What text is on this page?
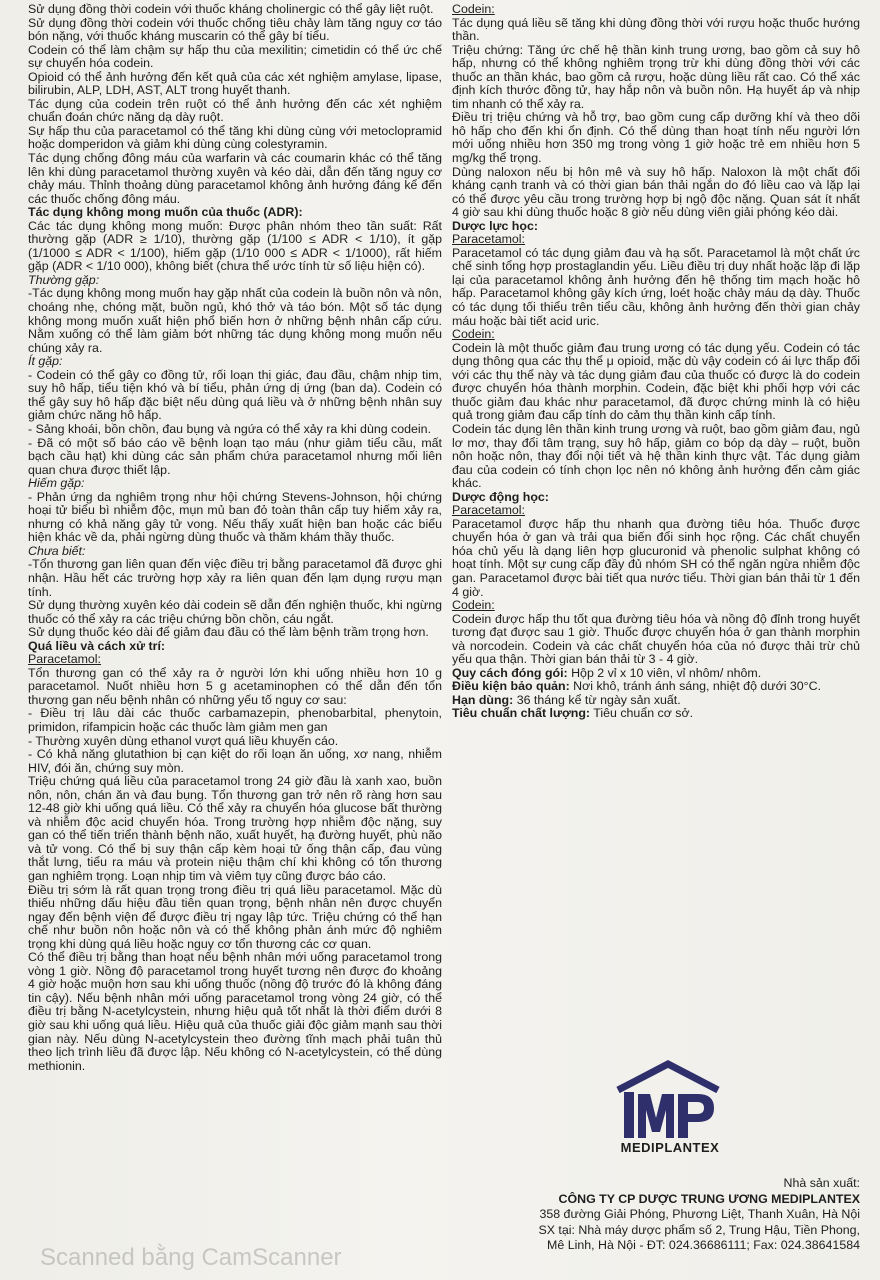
Sử dụng đồng thời codein với thuốc kháng cholinergic có thể gây liệt ruột.

Sử dụng đồng thời codein với thuốc chống tiêu chảy làm tăng nguy cơ táo bón nặng, với thuốc kháng muscarin có thể gây bí tiểu.

Codein có thể làm chậm sự hấp thu của mexilitin; cimetidin có thể ức chế sự chuyển hóa codein.

Opioid có thể ảnh hưởng đến kết quả của các xét nghiệm amylase, lipase, bilirubin, ALP, LDH, AST, ALT trong huyết thanh.

Tác dụng của codein trên ruột có thể ảnh hưởng đến các xét nghiệm chuẩn đoán chức năng dạ dày ruột.

Sự hấp thu của paracetamol có thể tăng khi dùng cùng với metoclopramid hoặc domperidon và giảm khi dùng cùng colestyramin.

Tác dụng chống đông máu của warfarin và các coumarin khác có thể tăng lên khi dùng paracetamol thường xuyên và kéo dài, dẫn đến tăng nguy cơ chảy máu. Thỉnh thoảng dùng paracetamol không ảnh hưởng đáng kể đến các thuốc chống đông máu.

Tác dụng không mong muốn của thuốc (ADR):

Các tác dụng không mong muốn: Được phân nhóm theo tần suất: Rất thường gặp (ADR ≥ 1/10), thường gặp (1/100 ≤ ADR < 1/10), ít gặp (1/1000 ≤ ADR < 1/100), hiếm gặp (1/10 000 ≤ ADR < 1/1000), rất hiếm gặp (ADR < 1/10 000), không biết (chưa thể ước tính từ số liệu hiện có).

Thường gặp:

-Tác dụng không mong muốn hay gặp nhất của codein là buồn nôn và nôn, choáng nhẹ, chóng mặt, buồn ngủ, khó thở và táo bón. Một số tác dụng không mong muốn xuất hiện phổ biến hơn ở những bệnh nhân cấp cứu. Nằm xuống có thể làm giảm bớt những tác dụng không mong muốn nếu chúng xảy ra.

Ít gặp:

- Codein có thể gây co đồng tử, rối loạn thị giác, đau đầu, chậm nhịp tim, suy hô hấp, tiểu tiện khó và bí tiểu, phản ứng dị ứng (ban da). Codein có thể gây suy hô hấp đặc biệt nếu dùng quá liều và ở những bệnh nhân suy giảm chức năng hô hấp.

- Sảng khoái, bồn chồn, đau bụng và ngứa có thể xảy ra khi dùng codein.

- Đã có một số báo cáo về bệnh loạn tạo máu (như giảm tiểu cầu, mất bạch cầu hạt) khi dùng các sản phẩm chứa paracetamol nhưng mối liên quan chưa được thiết lập.

Hiếm gặp:

- Phản ứng da nghiêm trọng như hội chứng Stevens-Johnson, hội chứng hoại tử biểu bì nhiễm độc, mụn mủ ban đỏ toàn thân cấp tuy hiếm xảy ra, nhưng có khả năng gây tử vong. Nếu thấy xuất hiện ban hoặc các biểu hiện khác về da, phải ngừng dùng thuốc và thăm khám thầy thuốc.

Chưa biết:

-Tổn thương gan liên quan đến việc điều trị bằng paracetamol đã được ghi nhận. Hầu hết các trường hợp xảy ra liên quan đến lạm dụng rượu mạn tính.

Sử dụng thường xuyên kéo dài codein sẽ dẫn đến nghiện thuốc, khi ngừng thuốc có thể xảy ra các triệu chứng bồn chồn, cáu ngắt.

Sử dụng thuốc kéo dài để giảm đau đầu có thể làm bệnh trầm trọng hơn.

Quá liều và cách xử trí:

Paracetamol:

Tổn thương gan có thể xảy ra ở người lớn khi uống nhiều hơn 10 g paracetamol. Nuốt nhiều hơn 5 g acetaminophen có thể dẫn đến tổn thương gan nếu bệnh nhân có những yếu tố nguy cơ sau:

- Điều trị lâu dài các thuốc carbamazepin, phenobarbital, phenytoin, primidon, rifampicin hoặc các thuốc làm giảm men gan

- Thường xuyên dùng ethanol vượt quá liều khuyến cáo.

- Có khả năng glutathion bị cạn kiệt do rối loạn ăn uống, xơ nang, nhiễm HIV, đói ăn, chứng suy mòn.

Triệu chứng quá liều của paracetamol trong 24 giờ đầu là xanh xao, buồn nôn, nôn, chán ăn và đau bụng. Tổn thương gan trở nên rõ ràng hơn sau 12-48 giờ khi uống quá liều. Có thể xảy ra chuyển hóa glucose bất thường và nhiễm độc acid chuyển hóa. Trong trường hợp nhiễm độc nặng, suy gan có thể tiến triển thành bệnh não, xuất huyết, hạ đường huyết, phù não và tử vong. Có thể bị suy thận cấp kèm hoại tử ống thận cấp, đau vùng thắt lưng, tiểu ra máu và protein niệu thậm chí khi không có tổn thương gan nghiêm trọng. Loạn nhịp tim và viêm tụy cũng được báo cáo.

Điều trị sớm là rất quan trọng trong điều trị quá liều paracetamol. Mặc dù thiếu những dấu hiệu đầu tiên quan trọng, bệnh nhân nên được chuyển ngay đến bệnh viện để được điều trị ngay lập tức. Triệu chứng có thể hạn chế như buồn nôn hoặc nôn và có thể không phản ánh mức độ nghiêm trọng khi dùng quá liều hoặc nguy cơ tổn thương các cơ quan.

Có thể điều trị bằng than hoạt nếu bệnh nhân mới uống paracetamol trong vòng 1 giờ. Nồng độ paracetamol trong huyết tương nên được đo khoảng 4 giờ hoặc muộn hơn sau khi uống thuốc (nồng độ trước đó là không đáng tin cậy). Nếu bệnh nhân mới uống paracetamol trong vòng 24 giờ, có thể điều trị bằng N-acetylcystein, nhưng hiệu quả tốt nhất là thời điểm dưới 8 giờ sau khi uống quá liều. Hiệu quả của thuốc giải độc giảm mạnh sau thời gian này. Nếu dùng N-acetylcystein theo đường tĩnh mạch phải tuân thủ theo lịch trình liều đã được lập. Nếu không có N-acetylcystein, có thể dùng methionin.

Codein:

Tác dụng quá liều sẽ tăng khi dùng đồng thời với rượu hoặc thuốc hướng thần.

Triệu chứng: Tăng ức chế hệ thần kinh trung ương, bao gồm cả suy hô hấp, nhưng có thể không nghiêm trọng trừ khi dùng đồng thời với các thuốc an thần khác, bao gồm cả rượu, hoặc dùng liều rất cao. Có thể xác định kích thước đồng tử, hay hắp nôn và buồn nôn. Hạ huyết áp và nhịp tim nhanh có thể xảy ra.

Điều trị triệu chứng và hỗ trợ, bao gồm cung cấp dưỡng khí và theo dõi hô hấp cho đến khi ổn định. Có thể dùng than hoạt tính nếu người lớn mới uống nhiều hơn 350 mg trong vòng 1 giờ hoặc trẻ em nhiều hơn 5 mg/kg thể trọng.

Dùng naloxon nếu bị hôn mê và suy hô hấp. Naloxon là một chất đối kháng cạnh tranh và có thời gian bán thải ngắn do đó liều cao và lặp lại có thể được yêu cầu trong trường hợp bị ngộ độc nặng. Quan sát ít nhất 4 giờ sau khi dùng thuốc hoặc 8 giờ nếu dùng viên giải phóng kéo dài.

Dược lực học:

Paracetamol:

Paracetamol có tác dụng giảm đau và hạ sốt. Paracetamol là một chất ức chế sinh tổng hợp prostaglandin yếu. Liều điều trị duy nhất hoặc lặp đi lặp lại của paracetamol không ảnh hưởng đến hệ thống tim mạch hoặc hô hấp. Paracetamol không gây kích ứng, loét hoặc chảy máu dạ dày. Thuốc có tác dụng tối thiểu trên tiểu cầu, không ảnh hưởng đến thời gian chảy máu hoặc bài tiết acid uric.

Codein:

Codein là một thuốc giảm đau trung ương có tác dụng yếu. Codein có tác dụng thông qua các thụ thể μ opioid, mặc dù vậy codein có ái lực thấp đối với các thụ thể này và tác dụng giảm đau của thuốc có được là do codein được chuyển hóa thành morphin. Codein, đặc biệt khi phối hợp với các thuốc giảm đau khác như paracetamol, đã được chứng minh là có hiệu quả trong giảm đau cấp tính do cảm thụ thần kinh cấp tính.

Codein tác dụng lên thần kinh trung ương và ruột, bao gồm giảm đau, ngủ lơ mơ, thay đổi tâm trạng, suy hô hấp, giảm co bóp dạ dày – ruột, buồn nôn hoặc nôn, thay đổi nội tiết và hệ thần kinh thực vật. Tác dụng giảm đau của codein có tính chọn lọc nên nó không ảnh hưởng đến cảm giác khác.

Dược động học:

Paracetamol:

Paracetamol được hấp thu nhanh qua đường tiêu hóa. Thuốc được chuyển hóa ở gan và trải qua biến đổi sinh học rộng. Các chất chuyển hóa chủ yếu là dạng liên hợp glucuronid và phenolic sulphat không có hoạt tính. Một sự cung cấp đầy đủ nhóm SH có thể ngăn ngừa nhiễm độc gan. Paracetamol được bài tiết qua nước tiểu. Thời gian bán thải từ 1 đến 4 giờ.

Codein:

Codein được hấp thu tốt qua đường tiêu hóa và nồng độ đỉnh trong huyết tương đạt được sau 1 giờ. Thuốc được chuyển hóa ở gan thành morphin và norcodein. Codein và các chất chuyển hóa của nó được thải trừ chủ yếu qua thận. Thời gian bán thải từ 3 - 4 giờ.

Quy cách đóng gói: Hộp 2 vỉ x 10 viên, vỉ nhôm/ nhôm.

Điều kiện bảo quản: Nơi khô, tránh ánh sáng, nhiệt độ dưới 30°C.

Hạn dùng: 36 tháng kể từ ngày sản xuất.

Tiêu chuẩn chất lượng: Tiêu chuẩn cơ sở.

MEDIPLANTEX

Nhà sản xuất:

CÔNG TY CP DƯỢC TRUNG ƯƠNG MEDIPLANTEX

358 đường Giải Phóng, Phương Liệt, Thanh Xuân, Hà Nội

SX tại: Nhà máy dược phẩm số 2, Trung Hậu, Tiền Phong,

Mê Linh, Hà Nội - ĐT: 024.36686111; Fax: 024.38641584

Scanned bằng CamScanner
